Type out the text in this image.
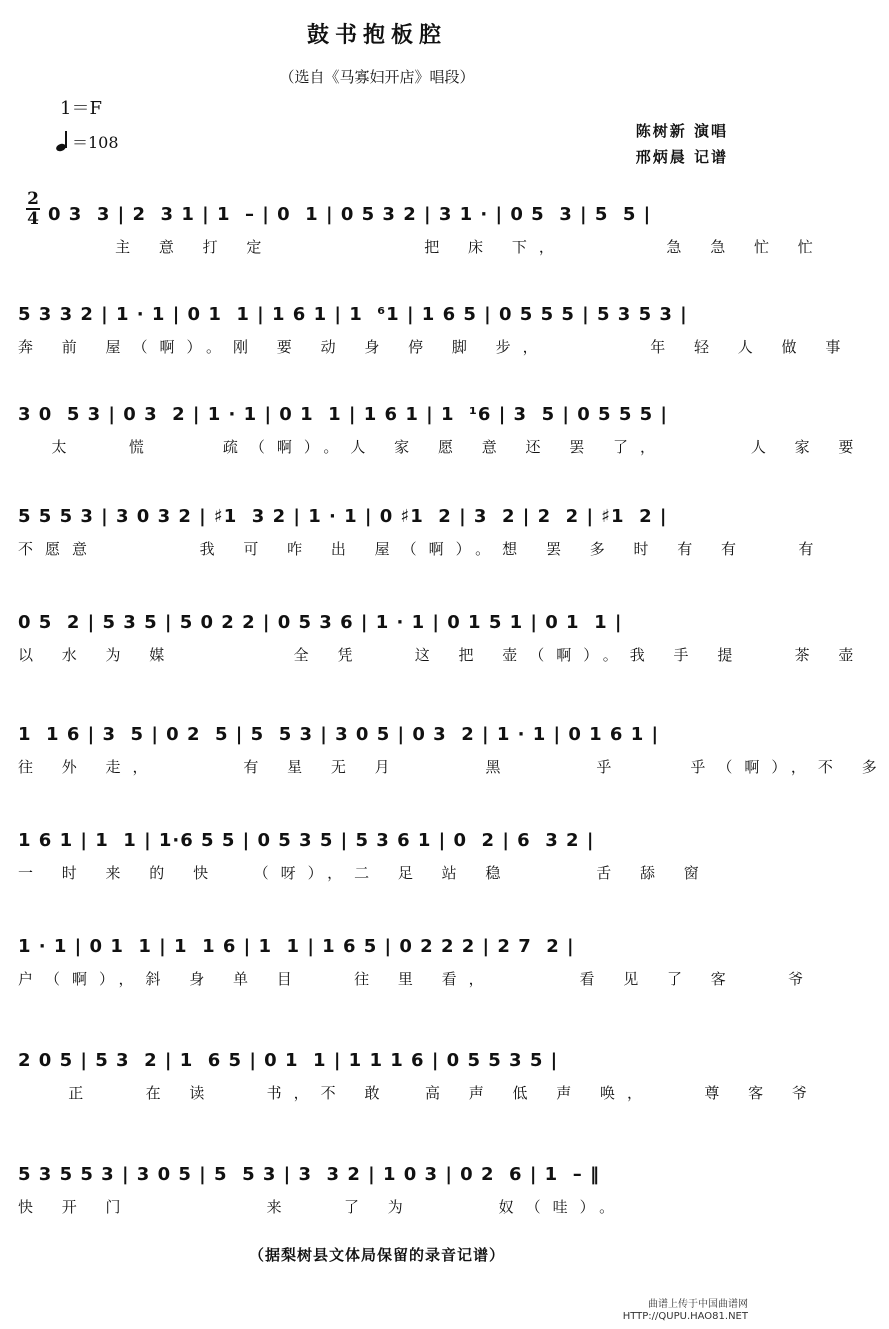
鼓书抱板腔
（选自《马寡妇开店》唱段）
1＝F
＝108
陈树新 演唱
邢炳晨 记谱
2
4 0 3  3 | 2  3 1 | 1  – | 0  1 | 0 5 3 2 | 3 1 · | 0 5  3 | 5  5 |
主 意 打 定         把 床 下，      急 急 忙 忙
5 3 3 2 | 1 · 1 | 0 1  1 | 1 6 1 | 1  ⁶1 | 1 6 5 | 0 5 5 5 | 5 3 5 3 |
奔 前 屋（啊）。刚 要 动 身 停 脚 步，      年 轻 人 做 事
3 0  5 3 | 0 3  2 | 1 · 1 | 0 1  1 | 1 6 1 | 1  ¹6 | 3  5 | 0 5 5 5 |
太   慌    疏（啊）。人 家 愿 意 还 罢 了，     人 家 要
5 5 5 3 | 3 0 3 2 | ♯1  3 2 | 1 · 1 | 0 ♯1  2 | 3  2 | 2  2 | ♯1  2 |
不愿意      我 可 咋 出 屋（啊）。想 罢 多 时 有 有   有
0 5  2 | 5 3 5 | 5 0 2 2 | 0 5 3 6 | 1 · 1 | 0 1 5 1 | 0 1  1 |
以 水 为 媒       全 凭   这 把 壶（啊）。我 手 提   茶 壶
1  1 6 | 3  5 | 0 2  5 | 5  5 3 | 3 0 5 | 0 3  2 | 1 · 1 | 0 1 6 1 |
往 外 走，     有 星 无 月     黑     乎    乎（啊），不 多
1 6 1 | 1  1 | 1·6 5 5 | 0 5 3 5 | 5 3 6 1 | 0  2 | 6  3 2 |
一 时 来 的 快  （呀），二 足 站 稳     舌 舔 窗
1 · 1 | 0 1  1 | 1  1 6 | 1  1 | 1 6 5 | 0 2 2 2 | 2 7  2 |
户（啊），斜 身 单 目   往 里 看，     看 见 了 客   爷
2 0 5 | 5 3  2 | 1  6 5 | 0 1  1 | 1 1 1 6 | 0 5 5 3 5 |
正   在 读   书，不 敢  高 声 低 声 唤，   尊 客 爷
5 3 5 5 3 | 3 0 5 | 5  5 3 | 3  3 2 | 1 0 3 | 0 2  6 | 1  – ‖
快 开 门        来   了 为     奴（哇）。
（据梨树县文体局保留的录音记谱）
曲谱上传于中国曲谱网
HTTP://QUPU.HAO81.NET
